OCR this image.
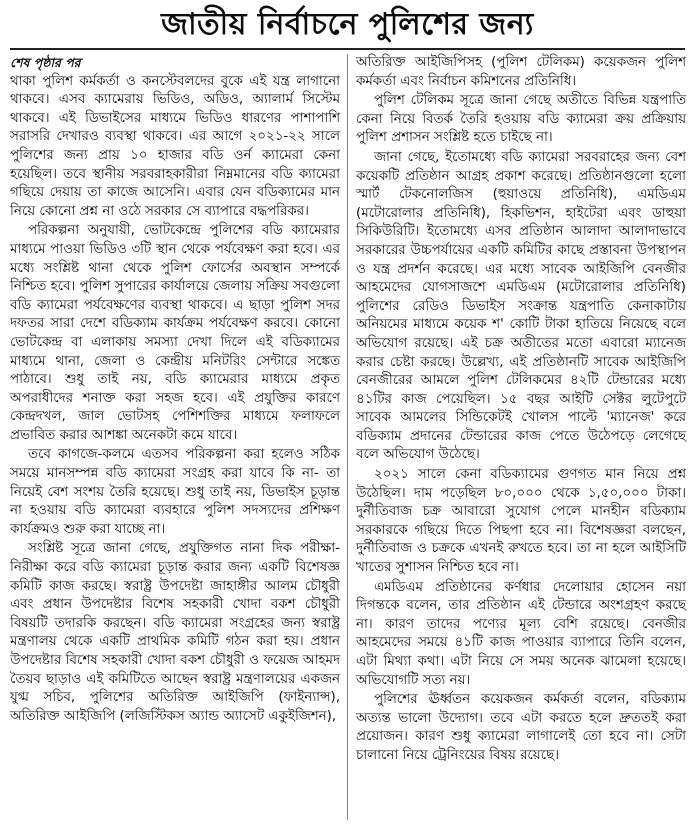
জাতীয় নির্বাচনে পুলিশের জন্য

শেষ পৃষ্ঠার পর

থাকা পুলিশ কর্মকর্তা ও কনস্টেবলদের বুকে এই যন্ত্র লাগানো থাকবে। এসব ক্যামেরায় ভিডিও, অডিও, অ্যালার্ম সিস্টেম থাকবে। এই ডিভাইসের মাধ্যমে ভিডিও ধারণের পাশাপাশি সরাসরি দেখারও ব্যবস্থা থাকবে। এর আগে ২০২১-২২ সালে পুলিশের জন্য প্রায় ১০ হাজার বডি ওর্ন ক্যামেরা কেনা হয়েছিল। তবে স্থানীয় সরবরাহকারীরা নিম্নমানের বডি ক্যামেরা গছিয়ে দেয়ায় তা কাজে আসেনি। এবার যেন বডিক্যামের মান নিয়ে কোনো প্রশ্ন না ওঠে সরকার সে ব্যাপারে বদ্ধপরিকর।

পরিকল্পনা অনুযায়ী, ভোটকেন্দ্রে পুলিশের বডি ক্যামেরার মাধ্যমে পাওয়া ভিডিও ৩টি স্থান থেকে পর্যবেক্ষণ করা হবে। এর মধ্যে সংশ্লিষ্ট থানা থেকে পুলিশ ফোর্সের অবস্থান সম্পর্কে নিশ্চিত হবে। পুলিশ সুপারের কার্যালয়ে জেলায় সক্রিয় সবগুলো বডি ক্যামেরা পর্যবেক্ষণের ব্যবস্থা থাকবে। এ ছাড়া পুলিশ সদর দফতর সারা দেশে বডিক্যাম কার্যক্রম পর্যবেক্ষণ করবে। কোনো ভোটকেন্দ্র বা এলাকায় সমস্যা দেখা দিলে এই বডিক্যামের মাধ্যমে থানা, জেলা ও কেন্দ্রীয় মনিটরিং সেন্টারে সঙ্কেত পাঠাবে। শুধু তাই নয়, বডি ক্যামেরার মাধ্যমে প্রকৃত অপরাধীদের শনাক্ত করা সহজ হবে। এই প্রযুক্তির কারণে কেন্দ্রদখল, জাল ভোটসহ পেশিশক্তির মাধ্যমে ফলাফলে প্রভাবিত করার আশঙ্কা অনেকটা কমে যাবে।

তবে কাগজে-কলমে এতসব পরিকল্পনা করা হলেও সঠিক সময়ে মানসম্পন্ন বডি ক্যামেরা সংগ্রহ করা যাবে কি না- তা নিয়েই বেশ সংশয় তৈরি হয়েছে। শুধু তাই নয়, ডিভাইস চূড়ান্ত না হওয়ায় বডি ক্যামেরা ব্যবহারে পুলিশ সদস্যদের প্রশিক্ষণ কার্যক্রমও শুরু করা যাচ্ছে না।

সংশ্লিষ্ট সূত্রে জানা গেছে, প্রযুক্তিগত নানা দিক পরীক্ষা-নিরীক্ষা করে বডি ক্যামেরা চূড়ান্ত করার জন্য একটি বিশেষজ্ঞ কমিটি কাজ করছে। স্বরাষ্ট্র উপদেষ্টা জাহাঙ্গীর আলম চৌধুরী এবং প্রধান উপদেষ্টার বিশেষ সহকারী খোদা বকশ চৌধুরী বিষয়টি তদারকি করছেন। বডি ক্যামেরা সংগ্রহের জন্য স্বরাষ্ট্র মন্ত্রণালয় থেকে একটি প্রাথমিক কমিটি গঠন করা হয়। প্রধান উপদেষ্টার বিশেষ সহকারী খোদা বকশ চৌধুরী ও ফয়েজ আহমদ তৈয়ব ছাড়াও এই কমিটিতে আছেন স্বরাষ্ট্র মন্ত্রণালয়ের একজন যুগ্ম সচিব, পুলিশের অতিরিক্ত আইজিপি (ফাইন্যান্স), অতিরিক্ত আইজিপি (লজিস্টিকস অ্যান্ড অ্যাসেট একুইজিশন),

অতিরিক্ত আইজিপিসহ (পুলিশ টেলিকম) কয়েকজন পুলিশ কর্মকর্তা এবং নির্বাচন কমিশনের প্রতিনিধি।

পুলিশ টেলিকম সূত্রে জানা গেছে অতীতে বিভিন্ন যন্ত্রপাতি কেনা নিয়ে বিতর্ক তৈরি হওয়ায় বডি ক্যামেরা ক্রয় প্রক্রিয়ায় পুলিশ প্রশাসন সংশ্লিষ্ট হতে চাইছে না।

জানা গেছে, ইতোমধ্যে বডি ক্যামেরা সরবরাহের জন্য বেশ কয়েকটি প্রতিষ্ঠান আগ্রহ প্রকাশ করেছে। প্রতিষ্ঠানগুলো হলো স্মার্ট টেকনোলজিস (হুয়াওয়ে প্রতিনিধি), এমডিএম (মটোরোলার প্রতিনিধি), হিকভিশন, হাইটেরা এবং ডাহুয়া সিকিউরিটি। ইতোমধ্যে এসব প্রতিষ্ঠান আলাদা আলাদাভাবে সরকারের উচ্চপর্যায়ের একটি কমিটির কাছে প্রস্তাবনা উপস্থাপন ও যন্ত্র প্রদর্শন করেছে। এর মধ্যে সাবেক আইজিপি বেনজীর আহমেদের যোগসাজশে এমডিএম (মটোরোলার প্রতিনিধি) পুলিশের রেডিও ডিভাইস সংক্রান্ত যন্ত্রপাতি কেনাকাটায় অনিয়মের মাধ্যমে কয়েক শ' কোটি টাকা হাতিয়ে নিয়েছে বলে অভিযোগ রয়েছে। এই চক্র অতীতের মতো এবারো ম্যানেজ করার চেষ্টা করছে। উল্লেখ্য, এই প্রতিষ্ঠানটি সাবেক আইজিপি বেনজীরের আমলে পুলিশ টেলিকমের ৪২টি টেন্ডারের মধ্যে ৪১টির কাজ পেয়েছিল। ১৫ বছর আইটি সেক্টর লুটেপুটে সাবেক আমলের সিন্ডিকেটই খোলস পাল্টে 'ম্যানেজ' করে বডিক্যাম প্রদানের টেন্ডারের কাজ পেতে উঠেপড়ে লেগেছে বলে অভিযোগ উঠেছে।

২০২১ সালে কেনা বডিক্যামের গুণগত মান নিয়ে প্রশ্ন উঠেছিল। দাম পড়েছিল ৮০,০০০ থেকে ১,৫০,০০০ টাকা। দুর্নীতিবাজ চক্র আবারো সুযোগ পেলে মানহীন বডিক্যাম সরকারকে গছিয়ে দিতে পিছপা হবে না। বিশেষজ্ঞরা বলছেন, দুর্নীতিবাজ ও চক্রকে এখনই রুখতে হবে। তা না হলে আইসিটি খাতের সুশাসন নিশ্চিত হবে না।

এমডিএম প্রতিষ্ঠানের কর্ণধার দেলোয়ার হোসেন নয়া দিগন্তকে বলেন, তার প্রতিষ্ঠান এই টেন্ডারে অংশগ্রহণ করছে না। কারণ তাদের পণ্যের মূল্য বেশি রয়েছে। বেনজীর আহমেদের সময়ে ৪১টি কাজ পাওয়ার ব্যাপারে তিনি বলেন, এটা মিথ্যা কথা। এটা নিয়ে সে সময় অনেক ঝামেলা হয়েছে। অভিযোগটি সত্য নয়।

পুলিশের ঊর্ধ্বতন কয়েকজন কর্মকর্তা বলেন, বডিক্যাম অত্যন্ত ভালো উদ্যোগ। তবে এটা করতে হলে দ্রুততই করা প্রয়োজন। কারণ শুধু ক্যামেরা লাগালেই তো হবে না। সেটা চালানো নিয়ে ট্রেনিংয়ের বিষয় রয়েছে।
